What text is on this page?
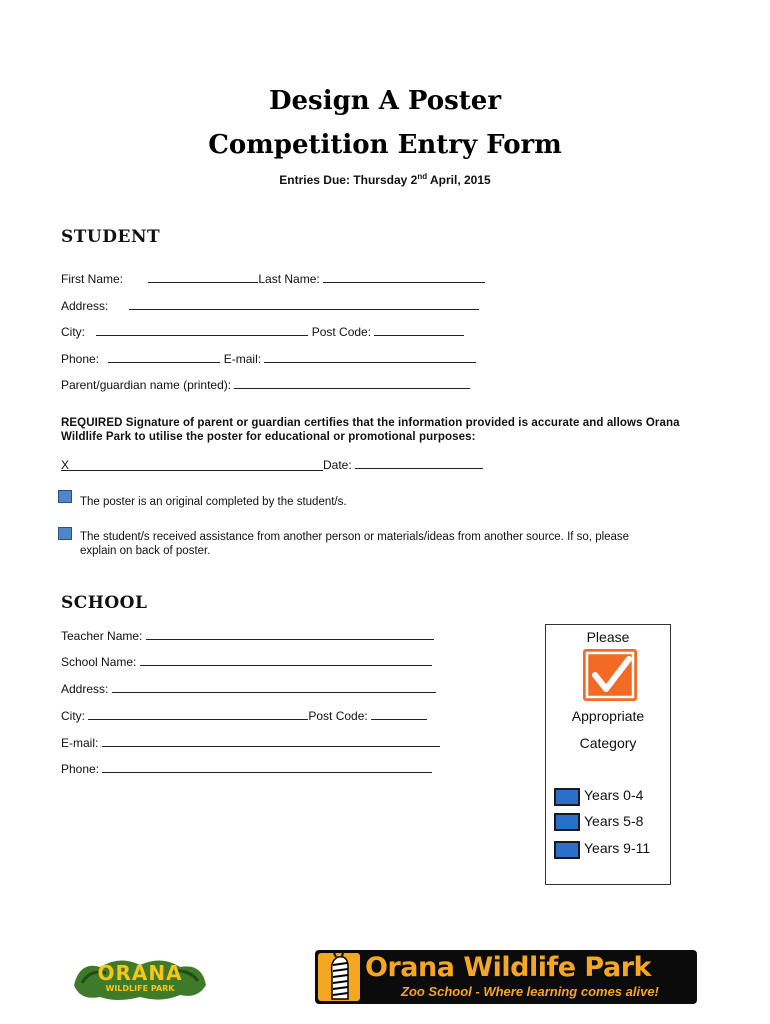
Design A Poster
Competition Entry Form
Entries Due: Thursday 2nd April, 2015
STUDENT
First Name:	Last Name:
Address:
City:	Post Code:
Phone:	E-mail:
Parent/guardian name (printed):
REQUIRED Signature of parent or guardian certifies that the information provided is accurate and allows Orana Wildlife Park to utilise the poster for educational or promotional purposes:
X	Date:
The poster is an original completed by the student/s.
The student/s received assistance from another person or materials/ideas from another source. If so, please
explain on back of poster.
SCHOOL
Teacher Name:
School Name:
Address:
City:	Post Code:
E-mail:
Phone:
Please
Appropriate
Category
Years 0-4
Years 5-8
Years 9-11
ORANA
WILDLIFE PARK
Orana Wildlife Park
Zoo School - Where learning comes alive!
